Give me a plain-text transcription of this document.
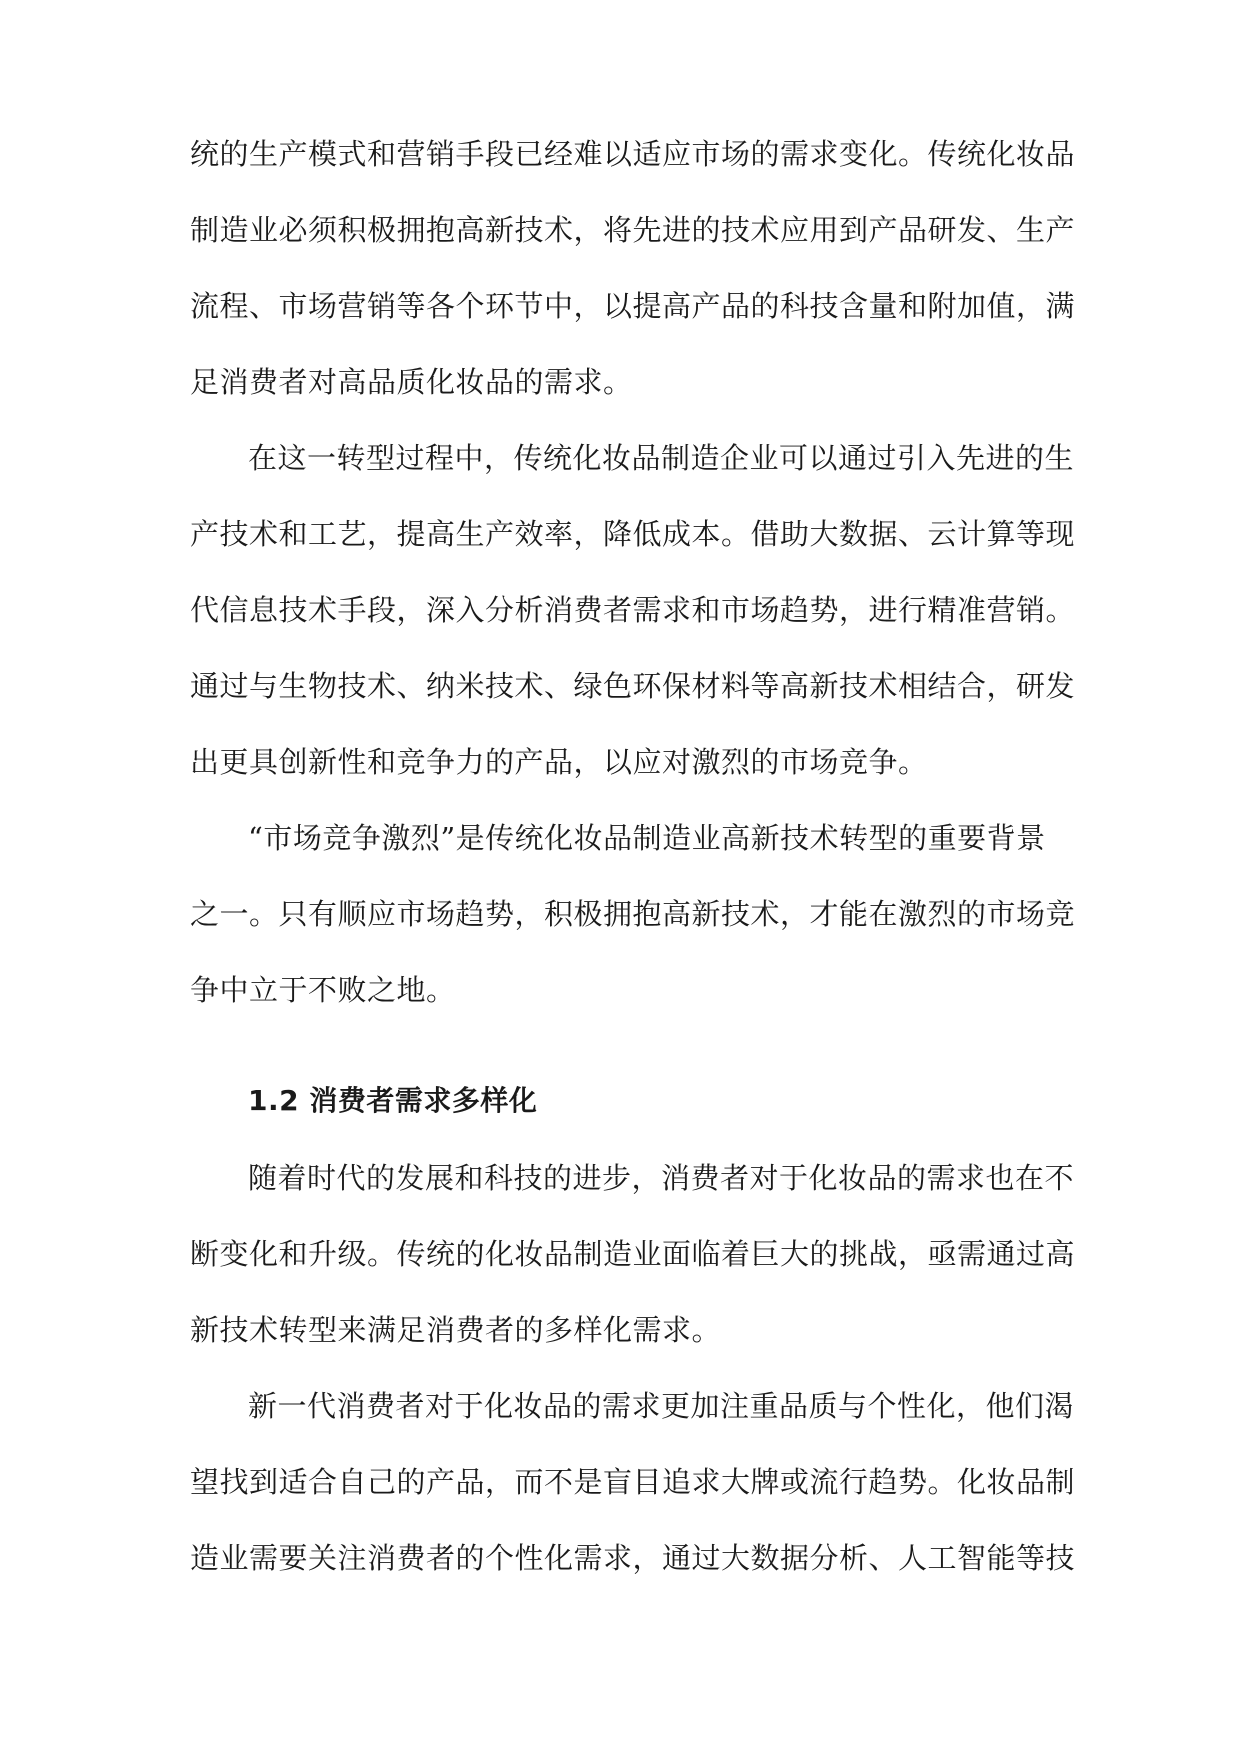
统的生产模式和营销手段已经难以适应市场的需求变化。传统化妆品
制造业必须积极拥抱高新技术，将先进的技术应用到产品研发、生产
流程、市场营销等各个环节中，以提高产品的科技含量和附加值，满
足消费者对高品质化妆品的需求。
在这一转型过程中，传统化妆品制造企业可以通过引入先进的生
产技术和工艺，提高生产效率，降低成本。借助大数据、云计算等现
代信息技术手段，深入分析消费者需求和市场趋势，进行精准营销。
通过与生物技术、纳米技术、绿色环保材料等高新技术相结合，研发
出更具创新性和竞争力的产品，以应对激烈的市场竞争。
“市场竞争激烈”是传统化妆品制造业高新技术转型的重要背景
之一。只有顺应市场趋势，积极拥抱高新技术，才能在激烈的市场竞
争中立于不败之地。
1.2 消费者需求多样化
随着时代的发展和科技的进步，消费者对于化妆品的需求也在不
断变化和升级。传统的化妆品制造业面临着巨大的挑战，亟需通过高
新技术转型来满足消费者的多样化需求。
新一代消费者对于化妆品的需求更加注重品质与个性化，他们渴
望找到适合自己的产品，而不是盲目追求大牌或流行趋势。化妆品制
造业需要关注消费者的个性化需求，通过大数据分析、人工智能等技
